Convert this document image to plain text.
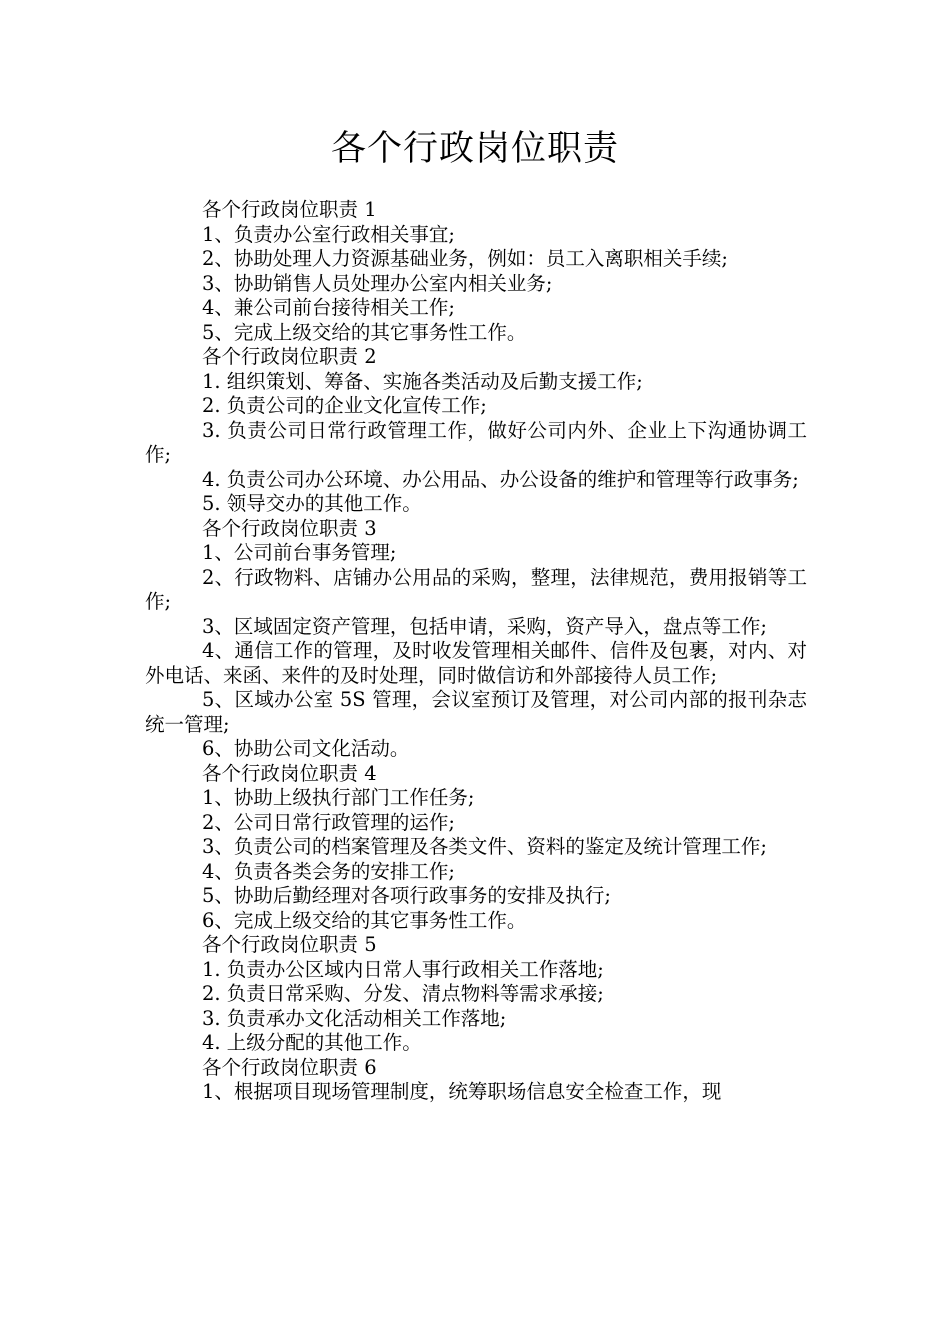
各个行政岗位职责

各个行政岗位职责 1

1、负责办公室行政相关事宜;

2、协助处理人力资源基础业务，例如：员工入离职相关手续;

3、协助销售人员处理办公室内相关业务;

4、兼公司前台接待相关工作;

5、完成上级交给的其它事务性工作。

各个行政岗位职责 2

1. 组织策划、筹备、实施各类活动及后勤支援工作;

2. 负责公司的企业文化宣传工作;

3. 负责公司日常行政管理工作，做好公司内外、企业上下沟通协调工作;

4. 负责公司办公环境、办公用品、办公设备的维护和管理等行政事务;

5. 领导交办的其他工作。

各个行政岗位职责 3

1、公司前台事务管理;

2、行政物料、店铺办公用品的采购，整理，法律规范，费用报销等工作;

3、区域固定资产管理，包括申请，采购，资产导入，盘点等工作;

4、通信工作的管理，及时收发管理相关邮件、信件及包裹，对内、对外电话、来函、来件的及时处理，同时做信访和外部接待人员工作;

5、区域办公室 5S 管理，会议室预订及管理，对公司内部的报刊杂志统一管理;

6、协助公司文化活动。

各个行政岗位职责 4

1、协助上级执行部门工作任务;

2、公司日常行政管理的运作;

3、负责公司的档案管理及各类文件、资料的鉴定及统计管理工作;

4、负责各类会务的安排工作;

5、协助后勤经理对各项行政事务的安排及执行;

6、完成上级交给的其它事务性工作。

各个行政岗位职责 5

1. 负责办公区域内日常人事行政相关工作落地;

2. 负责日常采购、分发、清点物料等需求承接;

3. 负责承办文化活动相关工作落地;

4. 上级分配的其他工作。

各个行政岗位职责 6

1、根据项目现场管理制度，统筹职场信息安全检查工作，现
